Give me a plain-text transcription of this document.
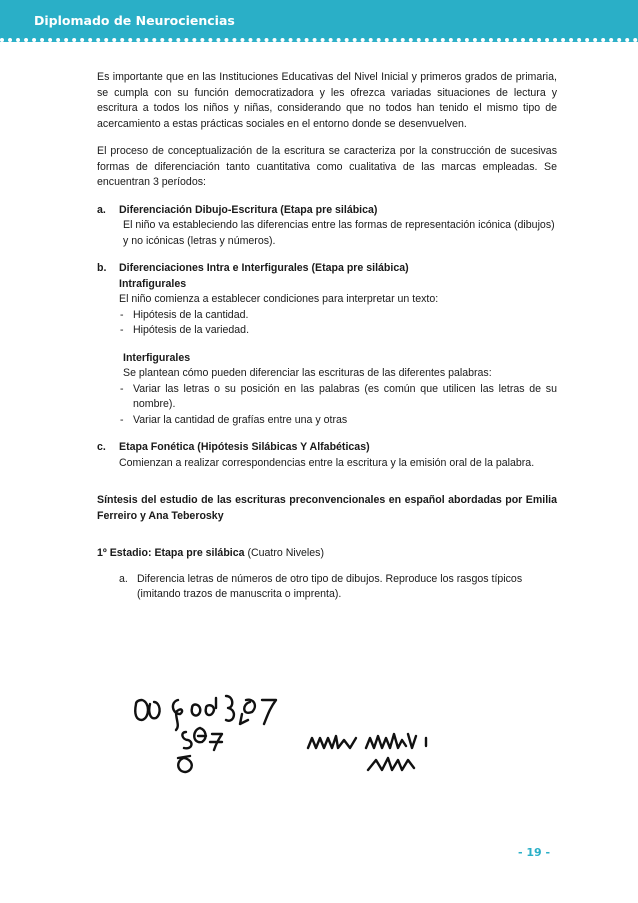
Diplomado de Neurociencias

Es importante que en las Instituciones Educativas del Nivel Inicial y primeros grados de primaria, se cumpla con su función democratizadora y les ofrezca variadas situaciones de lectura y escritura a todos los niños y niñas, considerando que no todos han tenido el mismo tipo de acercamiento a estas prácticas sociales en el entorno donde se desenvuelven.

El proceso de conceptualización de la escritura se caracteriza por la construcción de sucesivas formas de diferenciación tanto cuantitativa como cualitativa de las marcas empleadas. Se encuentran 3 períodos:

a. Diferenciación Dibujo-Escritura (Etapa pre silábica)
El niño va estableciendo las diferencias entre las formas de representación icónica (dibujos) y no icónicas (letras y números).
b. Diferenciaciones Intra e Interfigurales (Etapa pre silábica)
Intrafigurales
El niño comienza a establecer condiciones para interpretar un texto:
- Hipótesis de la cantidad.
- Hipótesis de la variedad.
Interfigurales
Se plantean cómo pueden diferenciar las escrituras de las diferentes palabras:
- Variar las letras o su posición en las palabras (es común que utilicen las letras de su nombre).
- Variar la cantidad de grafías entre una y otras
c. Etapa Fonética (Hipótesis Silábicas Y Alfabéticas)
Comienzan a realizar correspondencias entre la escritura y la emisión oral de la palabra.

Síntesis del estudio de las escrituras preconvencionales en español abordadas por Emilia Ferreiro y Ana Teberosky

1º Estadio: Etapa pre silábica (Cuatro Niveles)

a. Diferencia letras de números de otro tipo de dibujos. Reproduce los rasgos típicos (imitando trazos de manuscrita o imprenta).
- 19 -
